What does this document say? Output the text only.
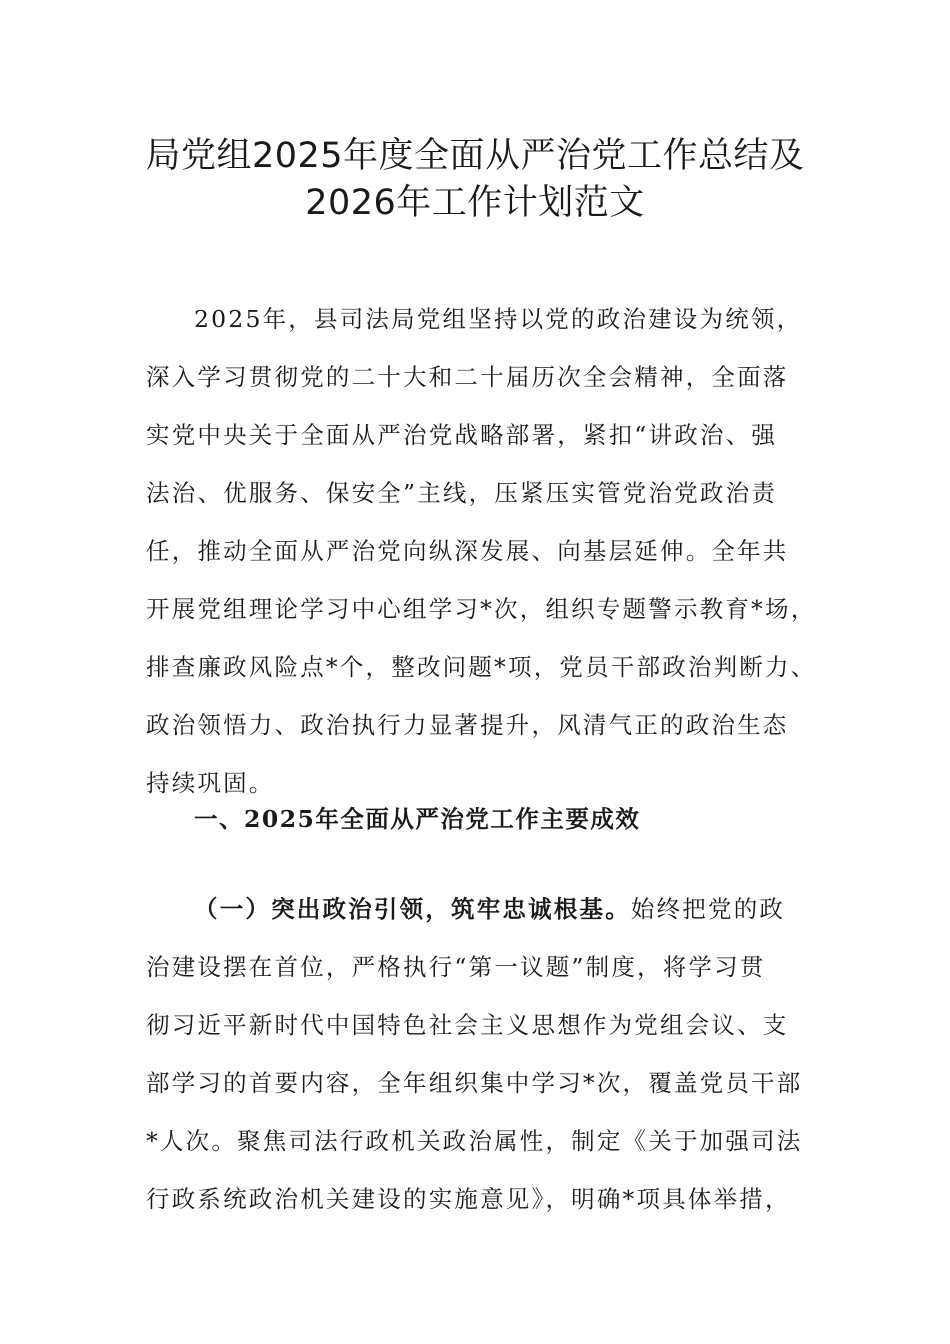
局党组2025年度全面从严治党工作总结及
2026年工作计划范文
2025年，县司法局党组坚持以党的政治建设为统领，
深入学习贯彻党的二十大和二十届历次全会精神，全面落
实党中央关于全面从严治党战略部署，紧扣“讲政治、强
法治、优服务、保安全”主线，压紧压实管党治党政治责
任，推动全面从严治党向纵深发展、向基层延伸。全年共
开展党组理论学习中心组学习*次，组织专题警示教育*场，
排查廉政风险点*个，整改问题*项，党员干部政治判断力、
政治领悟力、政治执行力显著提升，风清气正的政治生态
持续巩固。
一、2025年全面从严治党工作主要成效
（一）突出政治引领，筑牢忠诚根基。始终把党的政
治建设摆在首位，严格执行“第一议题”制度，将学习贯
彻习近平新时代中国特色社会主义思想作为党组会议、支
部学习的首要内容，全年组织集中学习*次，覆盖党员干部
*人次。聚焦司法行政机关政治属性，制定《关于加强司法
行政系统政治机关建设的实施意见》，明确*项具体举措，
